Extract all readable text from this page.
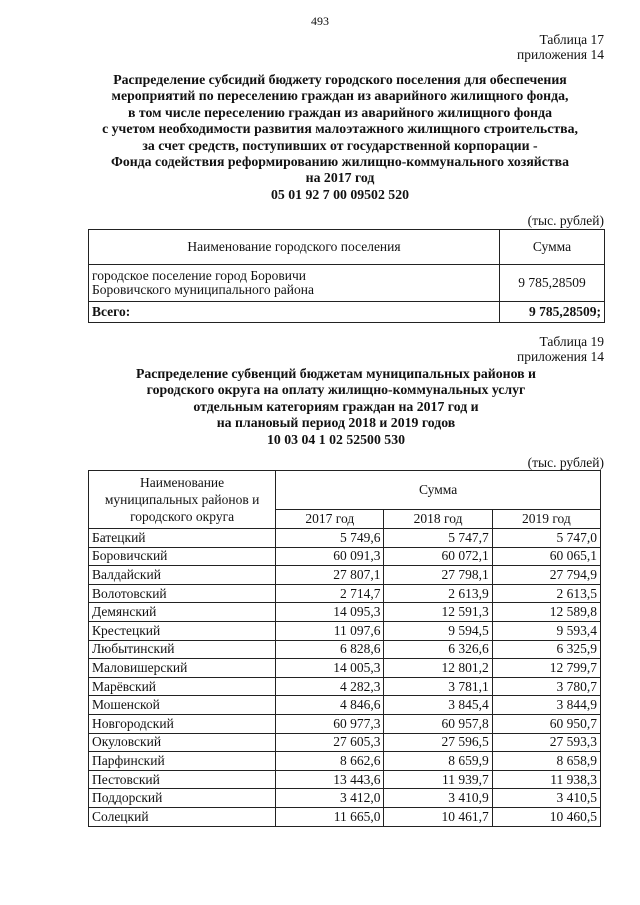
493
Таблица 17
приложения 14
Распределение субсидий бюджету городского поселения для обеспечения
мероприятий по переселению граждан из аварийного жилищного фонда,
в том числе переселению граждан из аварийного жилищного фонда
с учетом необходимости развития малоэтажного жилищного строительства,
за счет средств, поступивших от государственной корпорации -
Фонда содействия реформированию жилищно-коммунального хозяйства
на 2017 год
05 01 92 7 00 09502 520
(тыс. рублей)
Наименование городского поселения	Сумма

городское поселение город Боровичи
Боровичского муниципального района	9 785,28509
Всего:	9 785,28509;
Таблица 19
приложения 14
Распределение субвенций бюджетам муниципальных районов и
городского округа на оплату жилищно-коммунальных услуг
отдельным категориям граждан на 2017 год и
на плановый период 2018 и 2019 годов
10 03 04 1 02 52500 530
(тыс. рублей)
Наименование
муниципальных районов и
городского округа	Сумма		
	2017 год	2018 год	2019 год
Батецкий	5 749,6	5 747,7	5 747,0
Боровичский	60 091,3	60 072,1	60 065,1
Валдайский	27 807,1	27 798,1	27 794,9
Волотовский	2 714,7	2 613,9	2 613,5
Демянский	14 095,3	12 591,3	12 589,8
Крестецкий	11 097,6	9 594,5	9 593,4
Любытинский	6 828,6	6 326,6	6 325,9
Маловишерский	14 005,3	12 801,2	12 799,7
Марёвский	4 282,3	3 781,1	3 780,7
Мошенской	4 846,6	3 845,4	3 844,9
Новгородский	60 977,3	60 957,8	60 950,7
Окуловский	27 605,3	27 596,5	27 593,3
Парфинский	8 662,6	8 659,9	8 658,9
Пестовский	13 443,6	11 939,7	11 938,3
Поддорский	3 412,0	3 410,9	3 410,5
Солецкий	11 665,0	10 461,7	10 460,5
